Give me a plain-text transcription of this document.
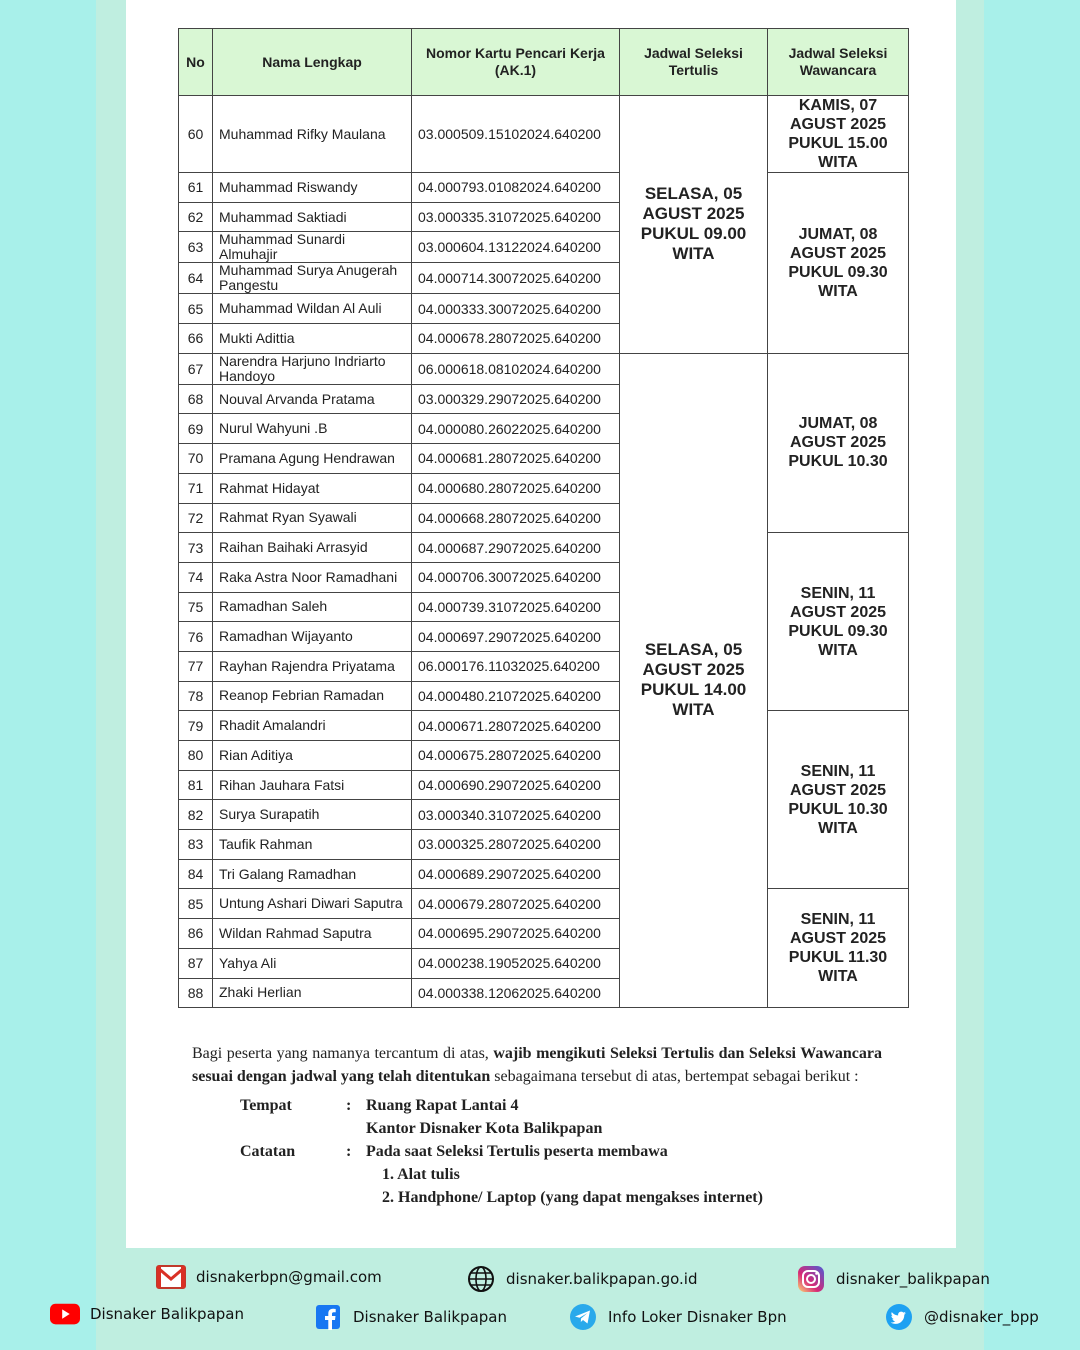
No	Nama Lengkap	Nomor Kartu Pencari Kerja (AK.1)	Jadwal Seleksi Tertulis	Jadwal Seleksi Wawancara
60	Muhammad Rifky Maulana	03.000509.15102024.640200	SELASA, 05 AGUST 2025 PUKUL 09.00 WITA	KAMIS, 07 AGUST 2025 PUKUL 15.00 WITA
61	Muhammad Riswandy	04.000793.01082024.640200		JUMAT, 08 AGUST 2025 PUKUL 09.30 WITA
62	Muhammad Saktiadi	03.000335.31072025.640200		
63	Muhammad Sunardi Almuhajir	03.000604.13122024.640200		
64	Muhammad Surya Anugerah Pangestu	04.000714.30072025.640200		
65	Muhammad Wildan Al Auli	04.000333.30072025.640200		
66	Mukti Adittia	04.000678.28072025.640200		
67	Narendra Harjuno Indriarto Handoyo	06.000618.08102024.640200	SELASA, 05 AGUST 2025 PUKUL 14.00 WITA	JUMAT, 08 AGUST 2025 PUKUL 10.30
68	Nouval Arvanda Pratama	03.000329.29072025.640200		
69	Nurul Wahyuni .B	04.000080.26022025.640200		
70	Pramana Agung Hendrawan	04.000681.28072025.640200		
71	Rahmat Hidayat	04.000680.28072025.640200		
72	Rahmat Ryan Syawali	04.000668.28072025.640200		
73	Raihan Baihaki Arrasyid	04.000687.29072025.640200		SENIN, 11 AGUST 2025 PUKUL 09.30 WITA
74	Raka Astra Noor Ramadhani	04.000706.30072025.640200		
75	Ramadhan Saleh	04.000739.31072025.640200		
76	Ramadhan Wijayanto	04.000697.29072025.640200		
77	Rayhan Rajendra Priyatama	06.000176.11032025.640200		
78	Reanop Febrian Ramadan	04.000480.21072025.640200		
79	Rhadit Amalandri	04.000671.28072025.640200		SENIN, 11 AGUST 2025 PUKUL 10.30 WITA
80	Rian Aditiya	04.000675.28072025.640200		
81	Rihan Jauhara Fatsi	04.000690.29072025.640200		
82	Surya Surapatih	03.000340.31072025.640200		
83	Taufik Rahman	03.000325.28072025.640200		
84	Tri Galang Ramadhan	04.000689.29072025.640200		
85	Untung Ashari Diwari Saputra	04.000679.28072025.640200		SENIN, 11 AGUST 2025 PUKUL 11.30 WITA
86	Wildan Rahmad Saputra	04.000695.29072025.640200		
87	Yahya Ali	04.000238.19052025.640200		
88	Zhaki Herlian	04.000338.12062025.640200		

Bagi peserta yang namanya tercantum di atas, wajib mengikuti Seleksi Tertulis dan Seleksi Wawancara sesuai dengan jadwal yang telah ditentukan sebagaimana tersebut di atas, bertempat sebagai berikut :

Tempat	: Ruang Rapat Lantai 4
Kantor Disnaker Kota Balikpapan
Catatan	: Pada saat Seleksi Tertulis peserta membawa
1. Alat tulis
2. Handphone/ Laptop (yang dapat mengakses internet)
disnakerbpn@gmail.com	disnaker.balikpapan.go.id	disnaker_balikpapan
Disnaker Balikpapan	Disnaker Balikpapan	Info Loker Disnaker Bpn	@disnaker_bpp
